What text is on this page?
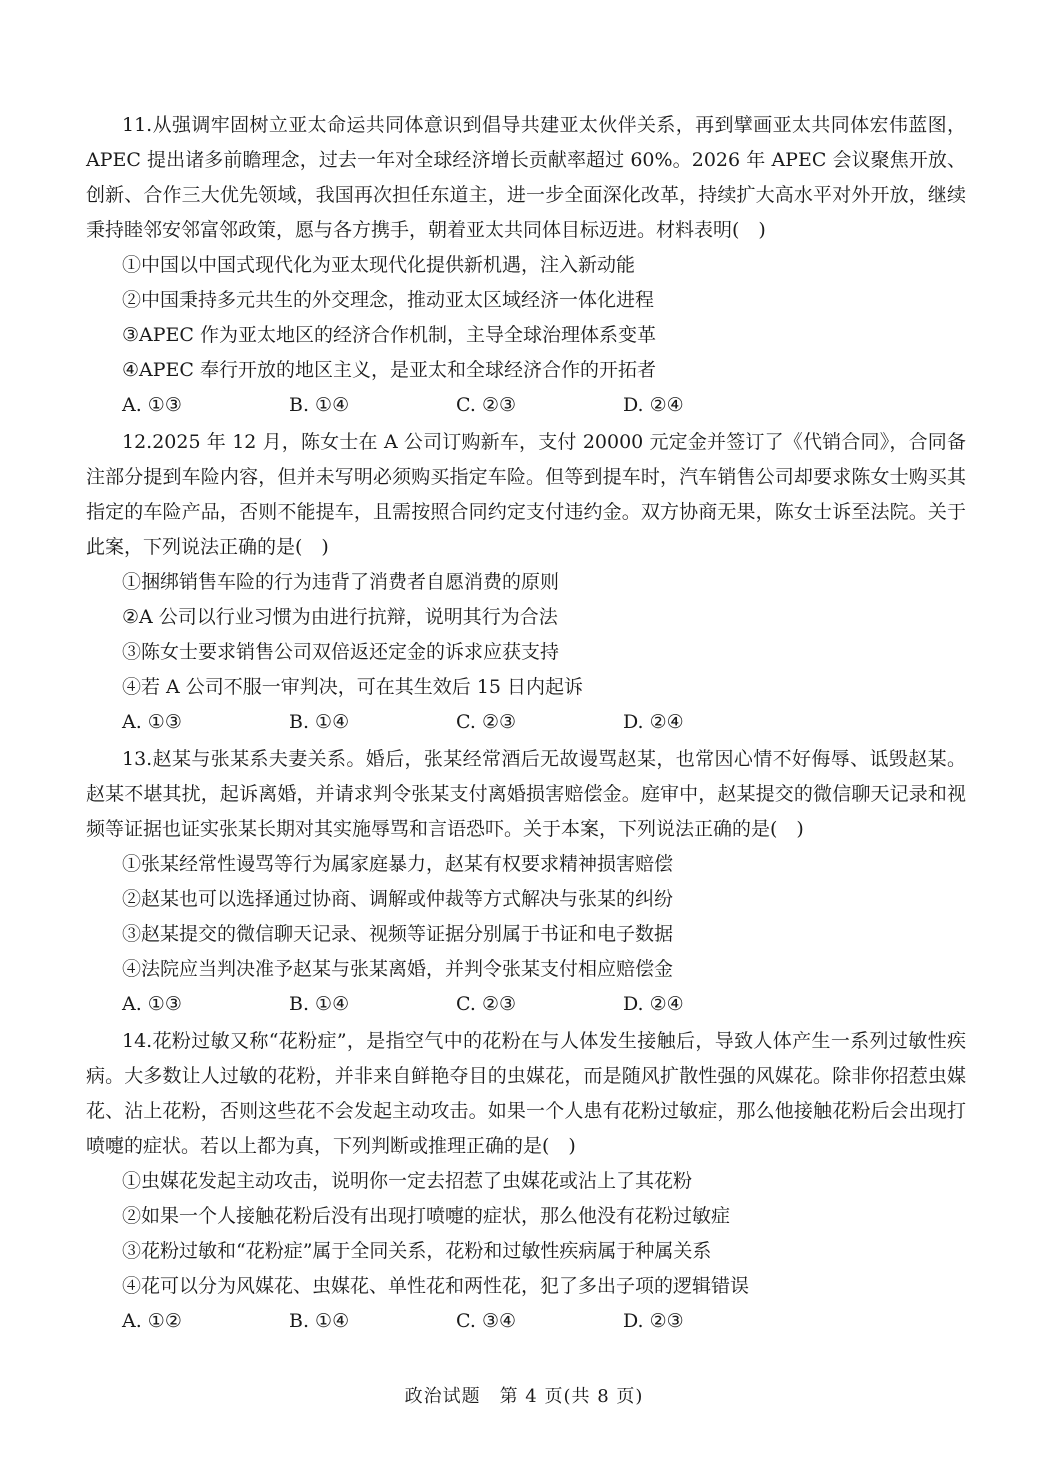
11.从强调牢固树立亚太命运共同体意识到倡导共建亚太伙伴关系，再到擘画亚太共同体宏伟蓝图，APEC 提出诸多前瞻理念，过去一年对全球经济增长贡献率超过 60%。2026 年 APEC 会议聚焦开放、创新、合作三大优先领域，我国再次担任东道主，进一步全面深化改革，持续扩大高水平对外开放，继续秉持睦邻安邻富邻政策，愿与各方携手，朝着亚太共同体目标迈进。材料表明(　)

①中国以中国式现代化为亚太现代化提供新机遇，注入新动能

②中国秉持多元共生的外交理念，推动亚太区域经济一体化进程

③APEC 作为亚太地区的经济合作机制，主导全球治理体系变革

④APEC 奉行开放的地区主义，是亚太和全球经济合作的开拓者

A. ①③	B. ①④	C. ②③	D. ②④

12.2025 年 12 月，陈女士在 A 公司订购新车，支付 20000 元定金并签订了《代销合同》，合同备注部分提到车险内容，但并未写明必须购买指定车险。但等到提车时，汽车销售公司却要求陈女士购买其指定的车险产品，否则不能提车，且需按照合同约定支付违约金。双方协商无果，陈女士诉至法院。关于此案，下列说法正确的是(　)

①捆绑销售车险的行为违背了消费者自愿消费的原则

②A 公司以行业习惯为由进行抗辩，说明其行为合法

③陈女士要求销售公司双倍返还定金的诉求应获支持

④若 A 公司不服一审判决，可在其生效后 15 日内起诉

A. ①③	B. ①④	C. ②③	D. ②④

13.赵某与张某系夫妻关系。婚后，张某经常酒后无故谩骂赵某，也常因心情不好侮辱、诋毁赵某。赵某不堪其扰，起诉离婚，并请求判令张某支付离婚损害赔偿金。庭审中，赵某提交的微信聊天记录和视频等证据也证实张某长期对其实施辱骂和言语恐吓。关于本案，下列说法正确的是(　)

①张某经常性谩骂等行为属家庭暴力，赵某有权要求精神损害赔偿

②赵某也可以选择通过协商、调解或仲裁等方式解决与张某的纠纷

③赵某提交的微信聊天记录、视频等证据分别属于书证和电子数据

④法院应当判决准予赵某与张某离婚，并判令张某支付相应赔偿金

A. ①③	B. ①④	C. ②③	D. ②④

14.花粉过敏又称“花粉症”，是指空气中的花粉在与人体发生接触后，导致人体产生一系列过敏性疾病。大多数让人过敏的花粉，并非来自鲜艳夺目的虫媒花，而是随风扩散性强的风媒花。除非你招惹虫媒花、沾上花粉，否则这些花不会发起主动攻击。如果一个人患有花粉过敏症，那么他接触花粉后会出现打喷嚏的症状。若以上都为真，下列判断或推理正确的是(　)

①虫媒花发起主动攻击，说明你一定去招惹了虫媒花或沾上了其花粉

②如果一个人接触花粉后没有出现打喷嚏的症状，那么他没有花粉过敏症

③花粉过敏和“花粉症”属于全同关系，花粉和过敏性疾病属于种属关系

④花可以分为风媒花、虫媒花、单性花和两性花，犯了多出子项的逻辑错误

A. ①②	B. ①④	C. ③④	D. ②③
政治试题　第 4 页(共 8 页)
